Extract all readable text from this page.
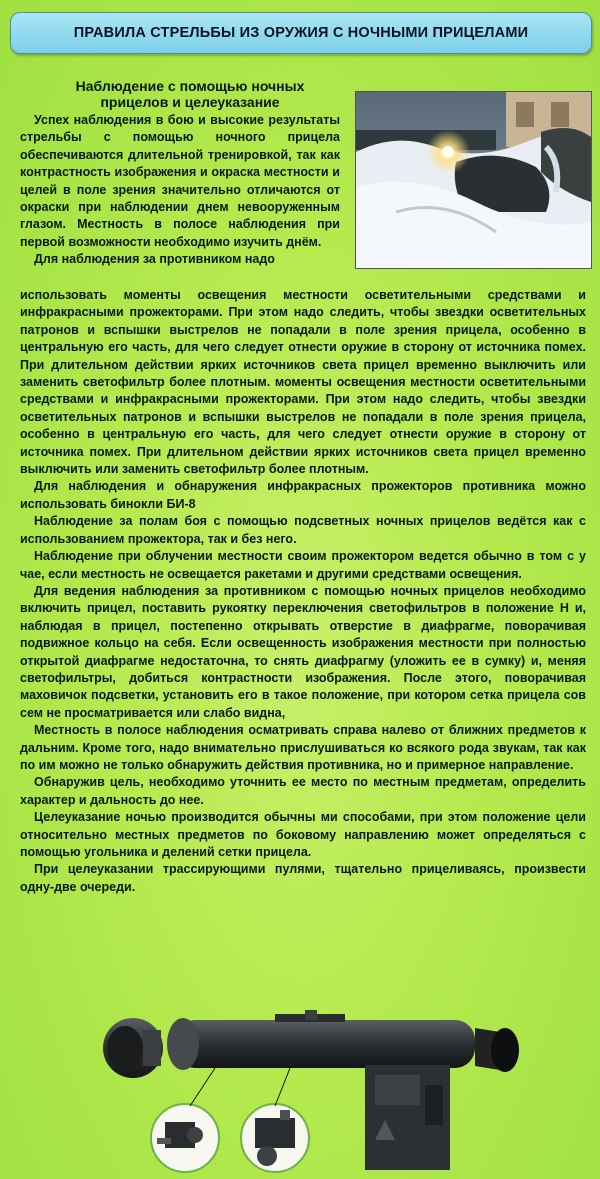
ПРАВИЛА СТРЕЛЬБЫ ИЗ ОРУЖИЯ С НОЧНЫМИ ПРИЦЕЛАМИ
Наблюдение с помощью ночных
прицелов и целеуказание

Успех наблюдения в бою и высокие результаты стрельбы с помощью ночного прицела обеспечиваются длительной тренировкой, так как контрастность изображения и окраска местности и целей в поле зрения значительно отличаются от окраски при наблюдении днем невооруженным глазом. Местность в полосе наблюдения при первой возможности необходимо изучить днём.

Для наблюдения за противником надо

использовать моменты освещения местности осветительными средствами и инфракрасными прожекторами. При этом надо следить, чтобы звездки осветительных патронов и вспышки выстрелов не попадали в поле зрения прицела, особенно в центральную его часть, для чего следует отнести оружие в сторону от источника помех. При длительном действии ярких источников света прицел временно выключить или заменить светофильтр более плотным. моменты освещения местности осветительными средствами и инфракрасными прожекторами. При этом надо следить, чтобы звездки осветительных патронов и вспышки выстрелов не попадали в поле зрения прицела, особенно в центральную его часть, для чего следует отнести оружие в сторону от источника помех. При длительном действии ярких источников света прицел временно выключить или заменить светофильтр более плотным.

Для наблюдения и обнаружения инфракрасных прожекторов противника можно использовать бинокли БИ-8

Наблюдение за полам боя с помощью подсветных ночных прицелов ведётся как с использованием прожектора, так и без него.

Наблюдение при облучении местности своим прожектором ведется обычно в том с у чае, если местность не освещается ракетами и другими средствами освещения.

Для ведения наблюдения за противником с помощью ночных прицелов необходимо включить прицел, поставить рукоятку переключения светофильтров в положение Н и, наблюдая в прицел, постепенно открывать отверстие в диафрагме, поворачивая подвижное кольцо на себя. Если освещенность изображения местности при полностью открытой диафрагме недостаточна, то снять диафрагму (уложить ее в сумку) и, меняя светофильтры, добиться контрастности изображения. После этого, поворачивая маховичок подсветки, установить его в такое положение, при котором сетка прицела сов сем не просматривается или слабо видна,

Местность в полосе наблюдения осматривать справа налево от ближних предметов к дальним. Кроме того, надо внимательно прислушиваться ко всякого рода звукам, так как по им можно не только обнаружить действия противника, но и примерное направление.

Обнаружив цель, необходимо уточнить ее место по местным предметам, определить характер и дальность до нее.

Целеуказание ночью производится обычны ми способами, при этом положение цели относительно местных предметов по боковому направлению может определяться с помощью угольника и делений сетки прицела.

При целеуказании трассирующими пулями, тщательно прицеливаясь, произвести одну-две очереди.
